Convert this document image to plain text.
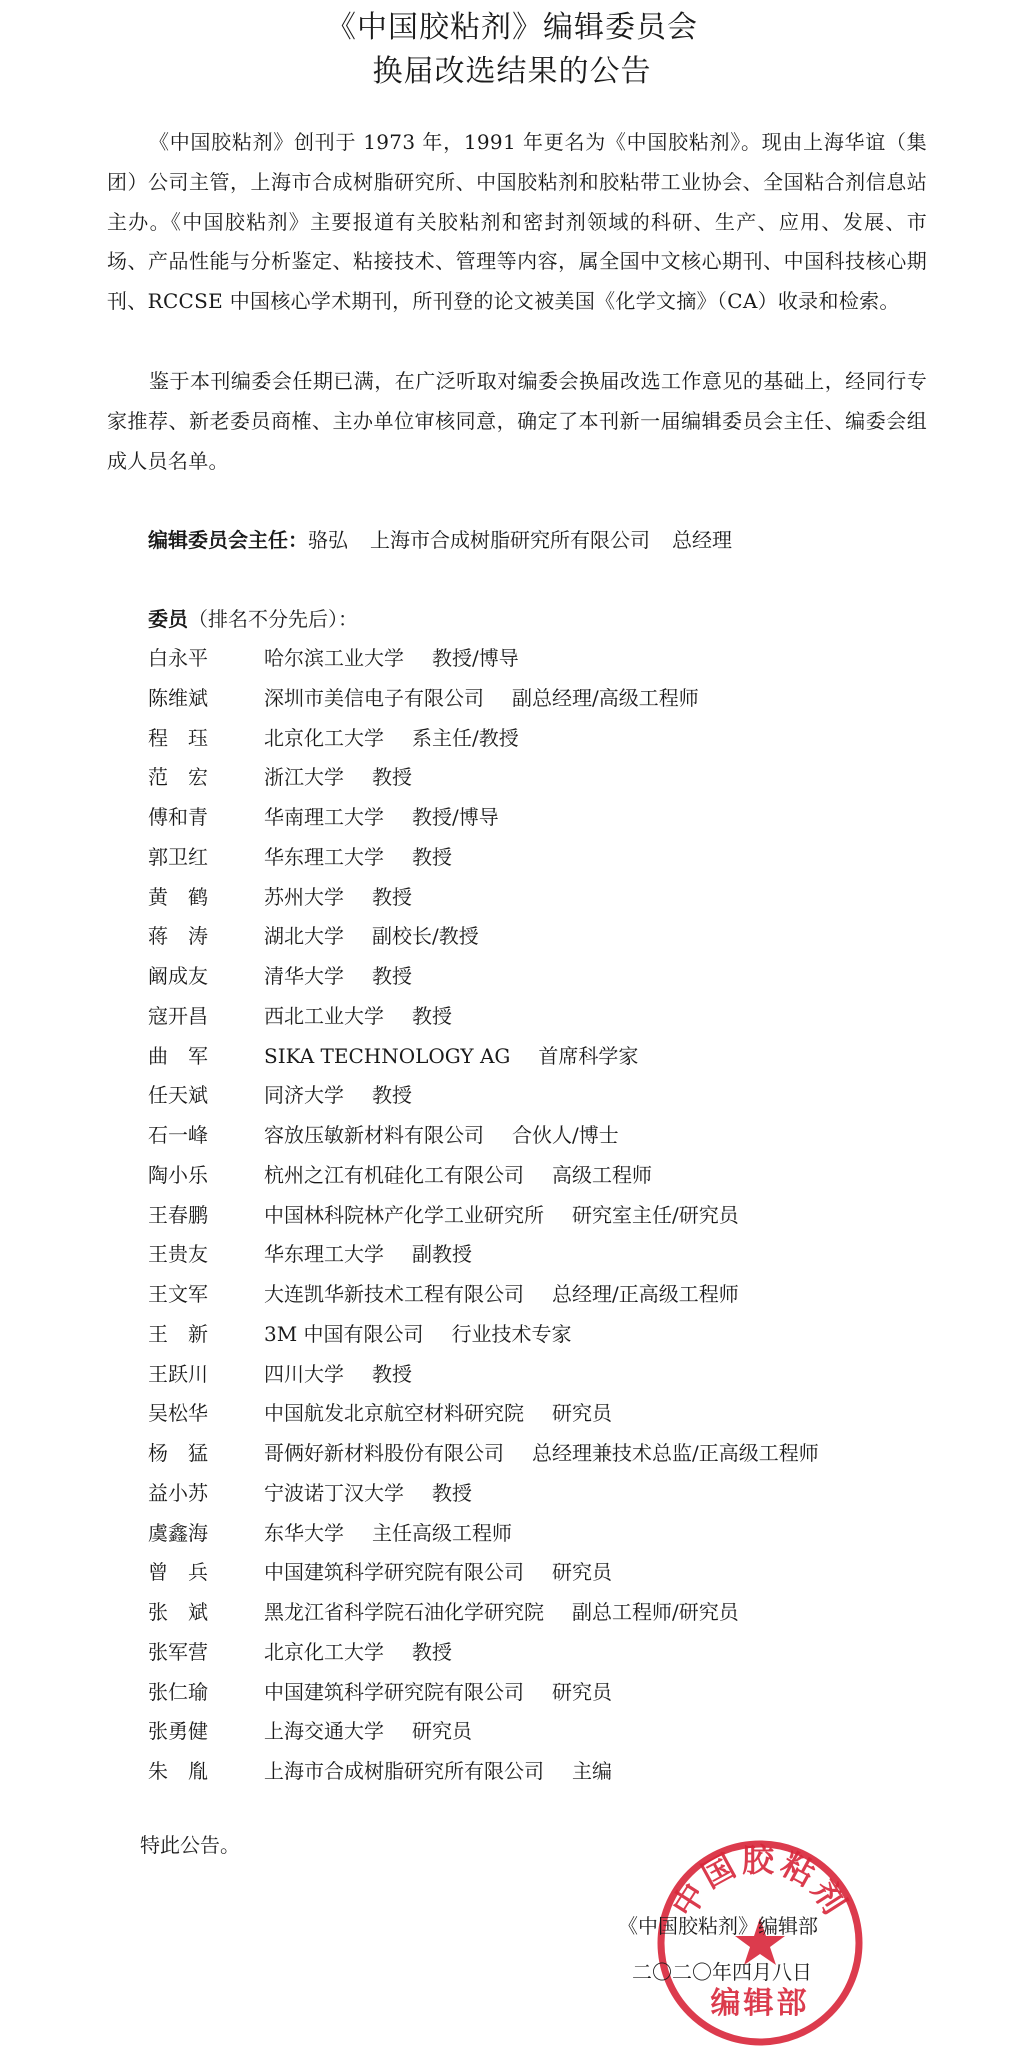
《中国胶粘剂》编辑委员会
换届改选结果的公告

《中国胶粘剂》创刊于 1973 年，1991 年更名为《中国胶粘剂》。现由上海华谊（集团）公司主管，上海市合成树脂研究所、中国胶粘剂和胶粘带工业协会、全国粘合剂信息站主办。《中国胶粘剂》主要报道有关胶粘剂和密封剂领域的科研、生产、应用、发展、市场、产品性能与分析鉴定、粘接技术、管理等内容，属全国中文核心期刊、中国科技核心期刊、RCCSE 中国核心学术期刊，所刊登的论文被美国《化学文摘》（CA）收录和检索。

鉴于本刊编委会任期已满，在广泛听取对编委会换届改选工作意见的基础上，经同行专家推荐、新老委员商榷、主办单位审核同意，确定了本刊新一届编辑委员会主任、编委会组成人员名单。

编辑委员会主任：骆弘 上海市合成树脂研究所有限公司 总经理
委员（排名不分先后）：
白永平	哈尔滨工业大学 教授/博导
陈维斌	深圳市美信电子有限公司 副总经理/高级工程师
程　珏	北京化工大学 系主任/教授
范　宏	浙江大学 教授
傅和青	华南理工大学 教授/博导
郭卫红	华东理工大学 教授
黄　鹤	苏州大学 教授
蒋　涛	湖北大学 副校长/教授
阚成友	清华大学 教授
寇开昌	西北工业大学 教授
曲　军	SIKA TECHNOLOGY AG 首席科学家
任天斌	同济大学 教授
石一峰	容放压敏新材料有限公司 合伙人/博士
陶小乐	杭州之江有机硅化工有限公司 高级工程师
王春鹏	中国林科院林产化学工业研究所 研究室主任/研究员
王贵友	华东理工大学 副教授
王文军	大连凯华新技术工程有限公司 总经理/正高级工程师
王　新	3M 中国有限公司 行业技术专家
王跃川	四川大学 教授
吴松华	中国航发北京航空材料研究院 研究员
杨　猛	哥俩好新材料股份有限公司 总经理兼技术总监/正高级工程师
益小苏	宁波诺丁汉大学 教授
虞鑫海	东华大学 主任高级工程师
曾　兵	中国建筑科学研究院有限公司 研究员
张　斌	黑龙江省科学院石油化学研究院 副总工程师/研究员
张军营	北京化工大学 教授
张仁瑜	中国建筑科学研究院有限公司 研究员
张勇健	上海交通大学 研究员
朱　胤	上海市合成树脂研究所有限公司 主编
特此公告。
中国胶粘剂
编辑部
《中国胶粘剂》编辑部
二〇二〇年四月八日
